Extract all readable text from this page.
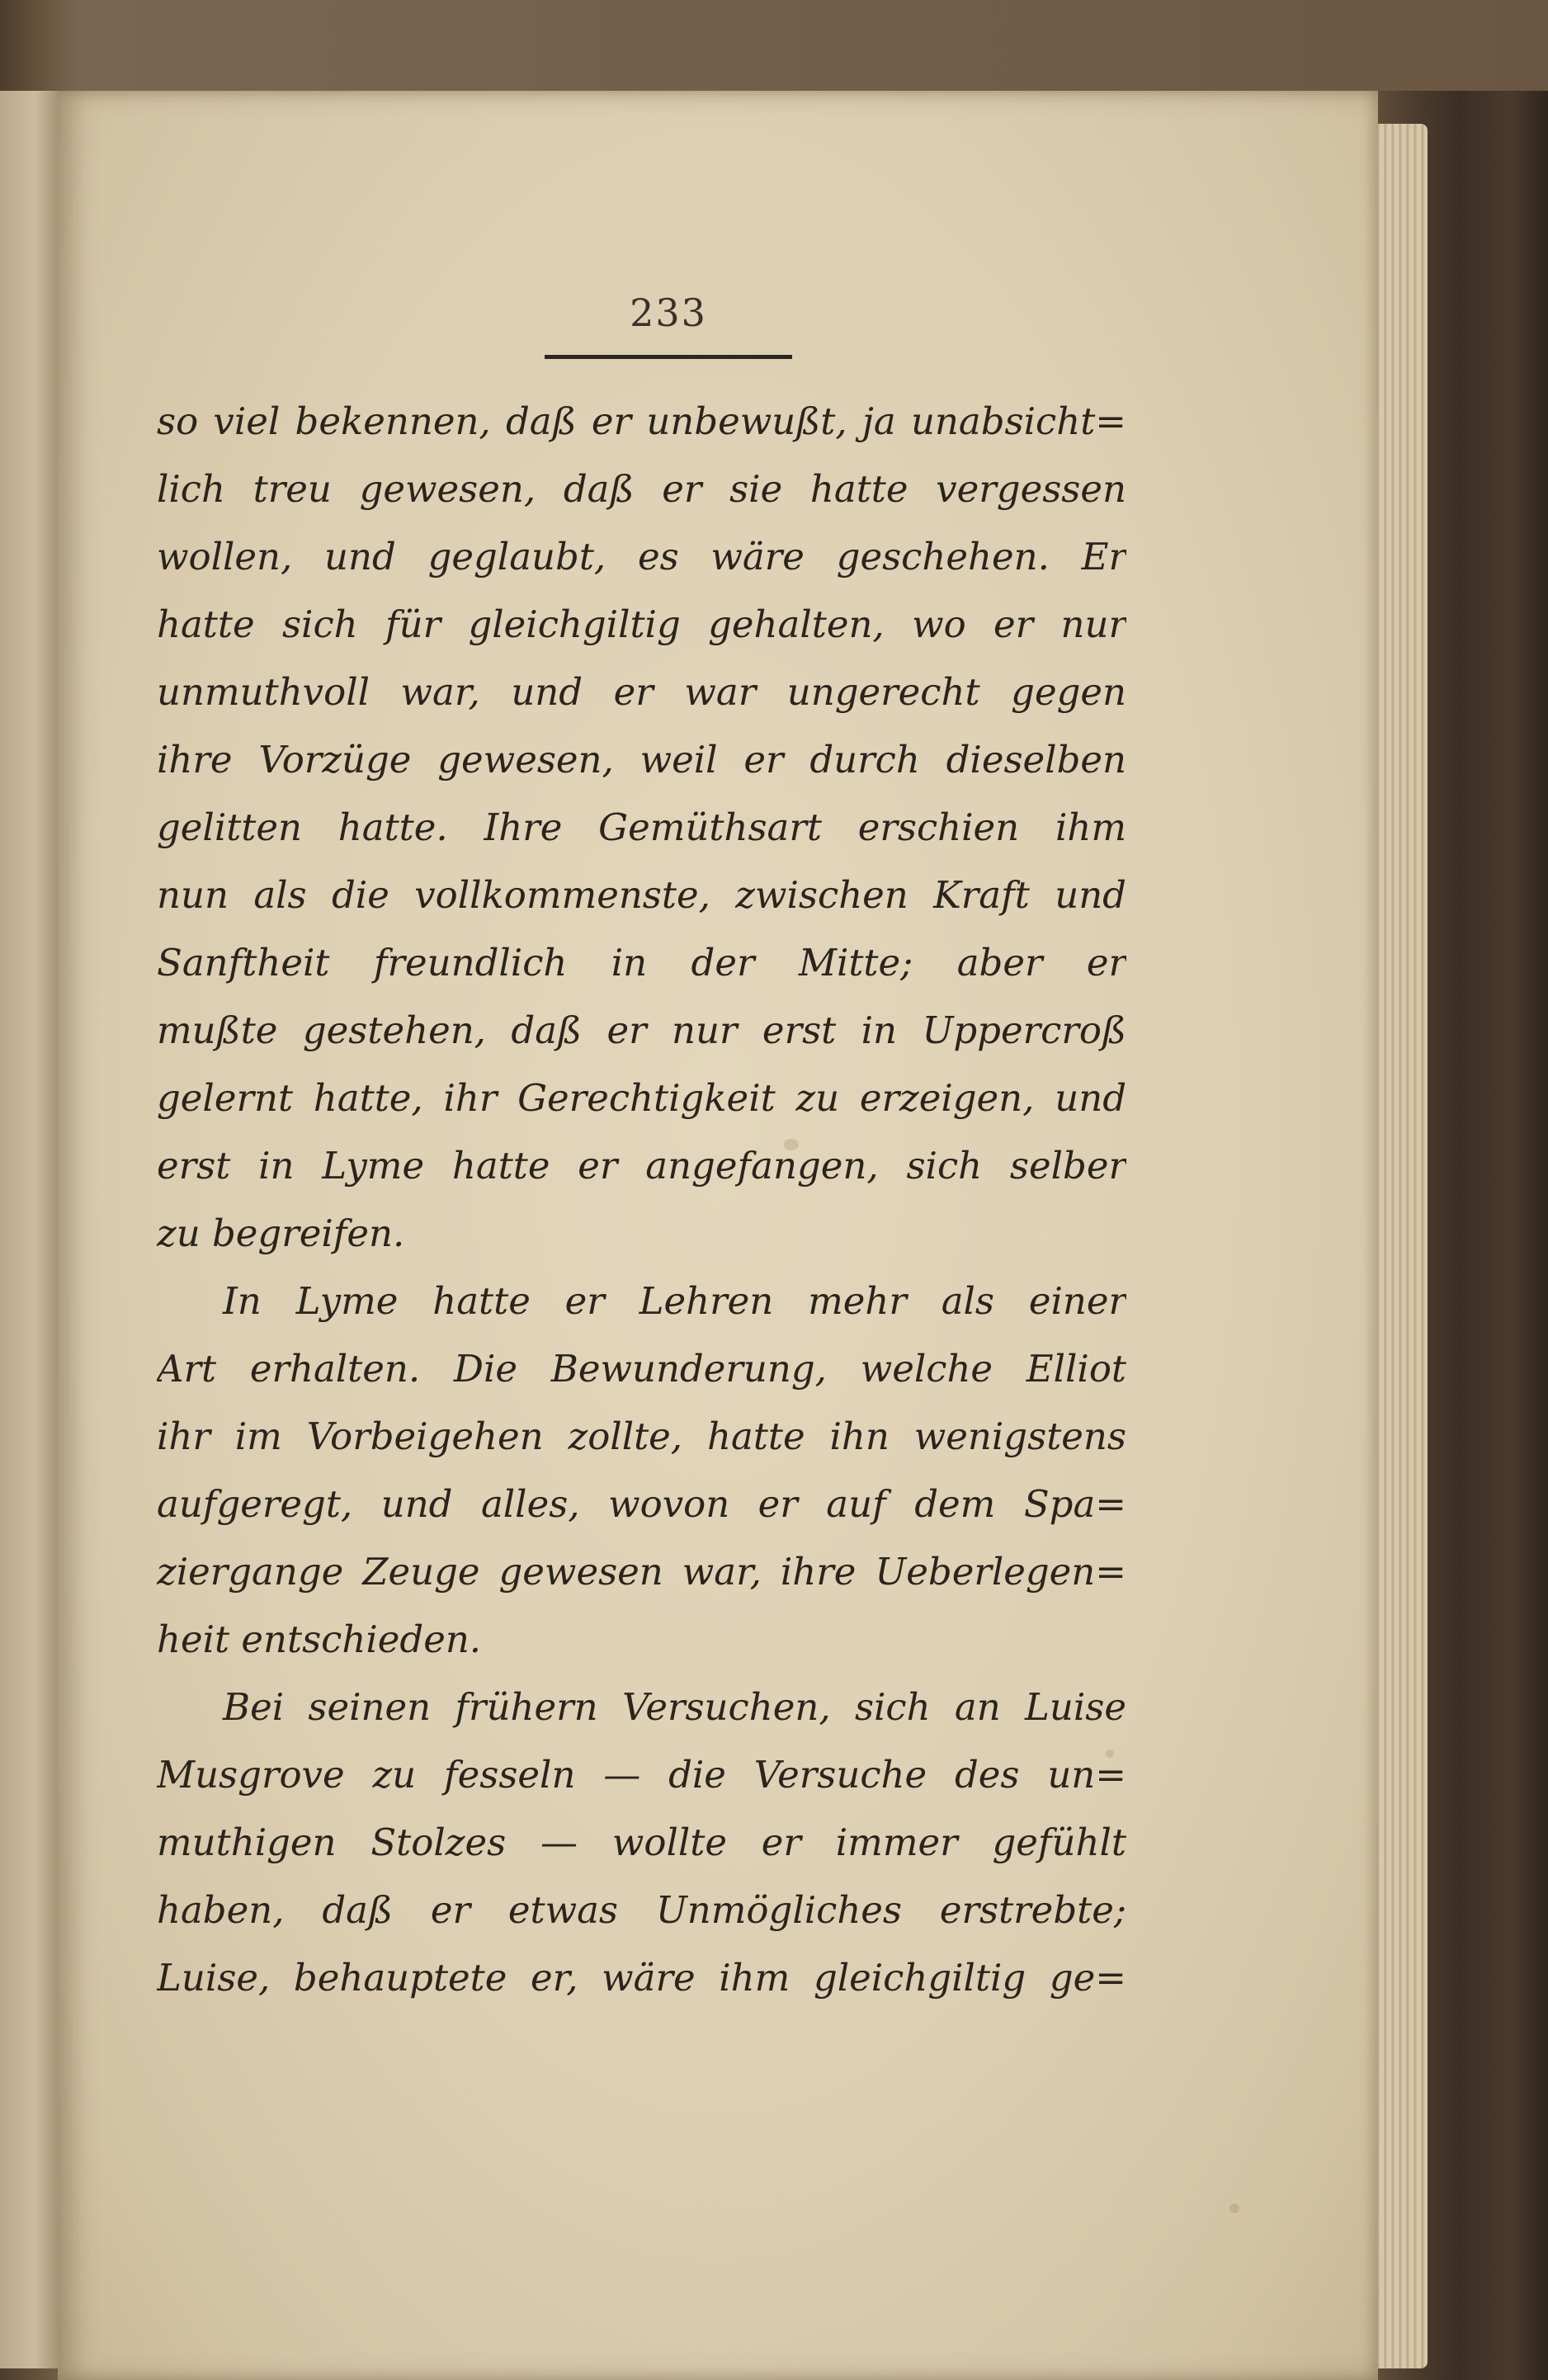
233
so viel bekennen, daß er unbewußt, ja unabsicht=
lich treu gewesen, daß er sie hatte vergessen
wollen, und geglaubt, es wäre geschehen. Er
hatte sich für gleichgiltig gehalten, wo er nur
unmuthvoll war, und er war ungerecht gegen
ihre Vorzüge gewesen, weil er durch dieselben
gelitten hatte. Ihre Gemüthsart erschien ihm
nun als die vollkommenste, zwischen Kraft und
Sanftheit freundlich in der Mitte; aber er
mußte gestehen, daß er nur erst in Uppercroß
gelernt hatte, ihr Gerechtigkeit zu erzeigen, und
erst in Lyme hatte er angefangen, sich selber
zu begreifen.
In Lyme hatte er Lehren mehr als einer
Art erhalten. Die Bewunderung, welche Elliot
ihr im Vorbeigehen zollte, hatte ihn wenigstens
aufgeregt, und alles, wovon er auf dem Spa=
ziergange Zeuge gewesen war, ihre Ueberlegen=
heit entschieden.
Bei seinen frühern Versuchen, sich an Luise
Musgrove zu fesseln — die Versuche des un=
muthigen Stolzes — wollte er immer gefühlt
haben, daß er etwas Unmögliches erstrebte;
Luise, behauptete er, wäre ihm gleichgiltig ge=
